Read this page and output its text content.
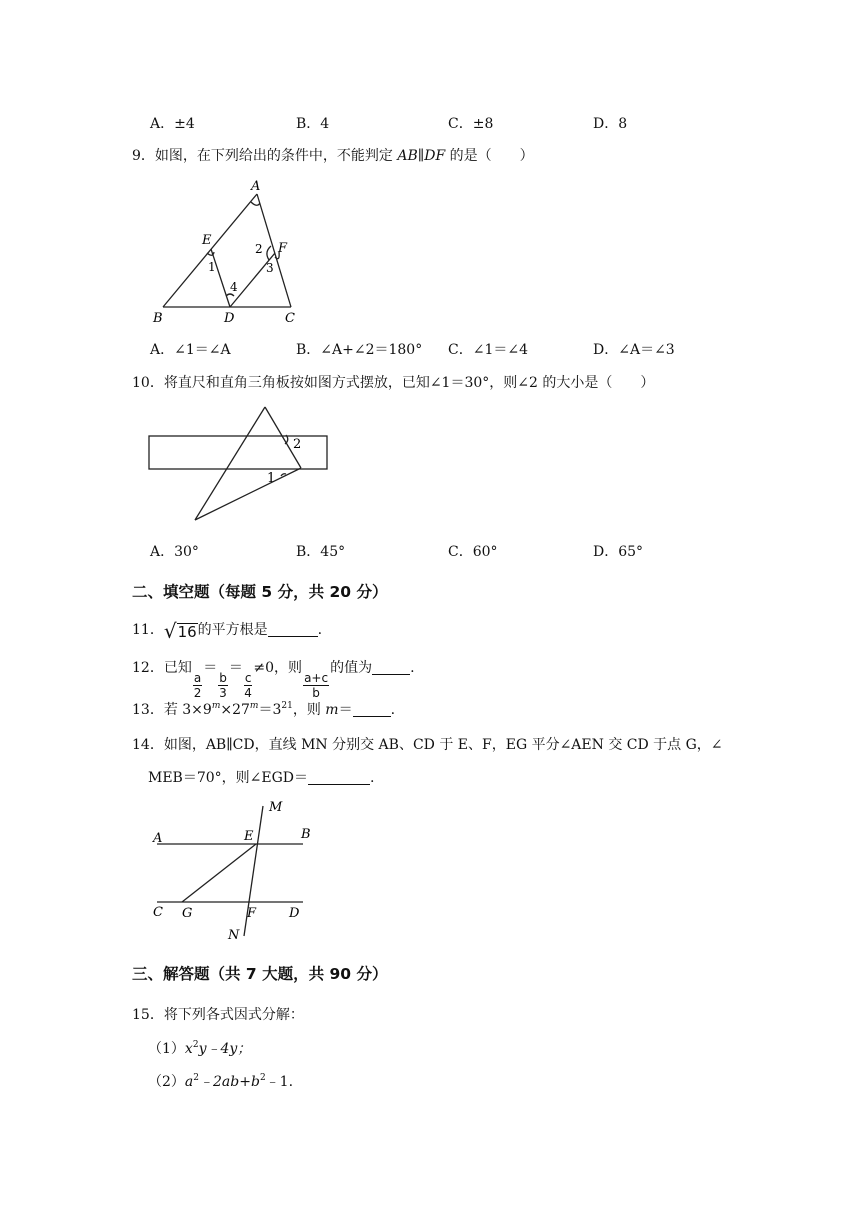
A．±4	B．4	C．±8	D．8
9．如图，在下列给出的条件中，不能判定 AB∥DF 的是（　　）
A
B	C
D
E
F
1
2
3
4
A．∠1＝∠A	B．∠A+∠2＝180° C．∠1＝∠4	D．∠A＝∠3
10．将直尺和直角三角板按如图方式摆放，已知∠1＝30°，则∠2 的大小是（　　）
2
1
A．30°	B．45°	C．60°	D．65°
二、填空题（每题 5 分，共 20 分）
11． √ 16 的平方根是	.
12．已知
$\frac{a}{2}$
＝
$\frac{b}{3}$
＝
$\frac{c}{4}$
≠0，则
$\frac{a+c}{b}$
的值为	.
13．若 $3\times 9^m\times 27^m=3^{21}$，则 m＝	.
14．如图，AB∥CD，直线 MN 分别交 AB、CD 于 E、F，EG 平分∠AEN 交 CD 于点 G，∠
MEB＝70°，则∠EGD＝	.
A	B
C	D
E
F
G
M
N
三、解答题（共 7 大题，共 90 分）
15．将下列各式因式分解：
$(1)x^2y﹣4y$；
$(2)a^2﹣2ab+b^2﹣1$.
